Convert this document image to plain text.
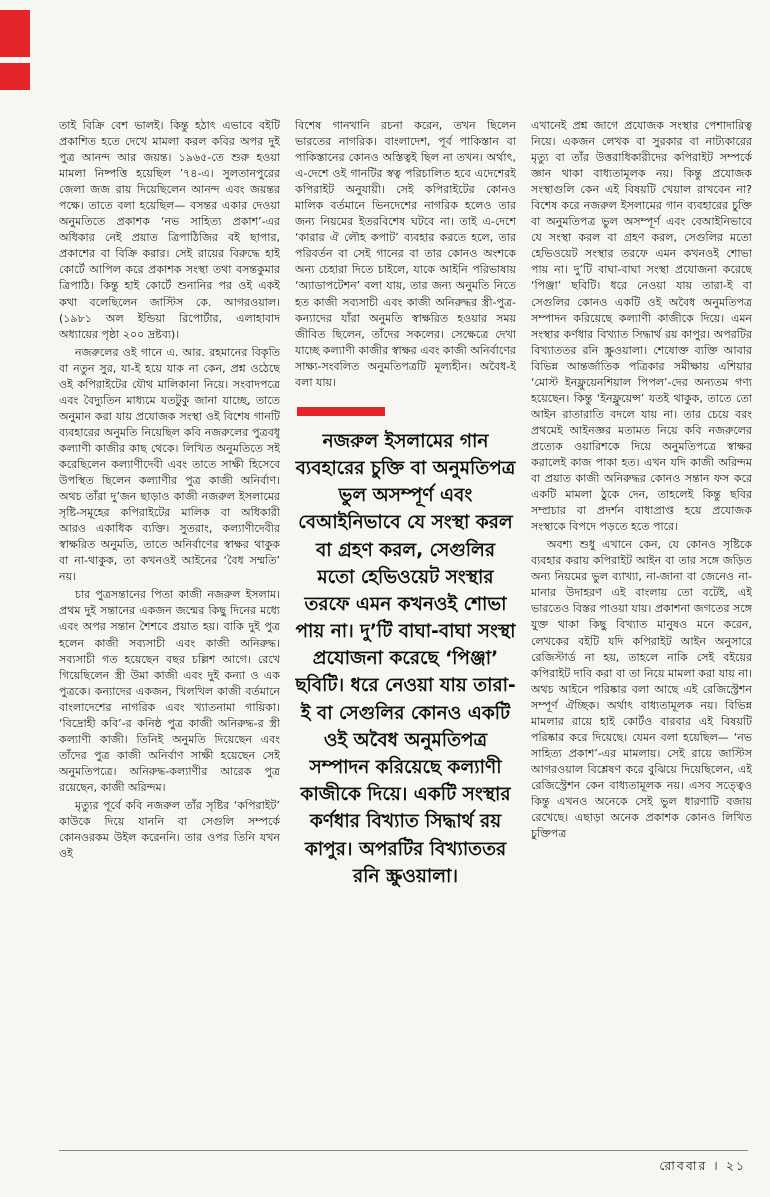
তাই বিক্রি বেশ ভালই। কিন্তু হঠাৎ এভাবে বইটি প্রকাশিত হতে দেখে মামলা করল কবির অপর দুই পুত্র আনন্দ আর জয়ন্ত। ১৯৬৫-তে শুরু হওয়া মামলা নিষ্পত্তি হয়েছিল ’৭৪-এ। সুলতানপুরের জেলা জজ রায় দিয়েছিলেন আনন্দ এবং জয়ন্তর পক্ষে। তাতে বলা হয়েছিল— বসন্তর একার দেওয়া অনুমতিতে প্রকাশক ‘নভ সাহিত্য প্রকাশ’-এর অধিকার নেই প্রয়াত ত্রিপাঠিজির বই ছাপার, প্রকাশের বা বিক্রি করার। সেই রায়ের বিরুদ্ধে হাই কোর্টে আপিল করে প্রকাশক সংস্থা তথা বসন্তকুমার ত্রিপাঠি। কিন্তু হাই কোর্টে শুনানির পর ওই একই কথা বলেছিলেন জাস্টিস কে. আগরওয়াল। (১৯৮১ অল ইন্ডিয়া রিপোর্টার, এলাহাবাদ অধ্যায়ের পৃষ্ঠা ২০০ দ্রষ্টব্য)।

নজরুলের ওই গানে এ. আর. রহমানের বিকৃতি বা নতুন সুর, যা-ই হয়ে যাক না কেন, প্রশ্ন ওঠেছে ওই কপিরাইটের যৌথ মালিকানা নিয়ে। সংবাদপত্রে এবং বৈদ্যুতিন মাধ্যমে যতটুকু জানা যাচ্ছে, তাতে অনুমান করা যায় প্রযোজক সংস্থা ওই বিশেষ গানটি ব্যবহারের অনুমতি নিয়েছিল কবি নজরুলের পুত্রবধূ কল্যাণী কাজীর কাছ থেকে। লিখিত অনুমতিতে সই করেছিলেন কল্যাণীদেবী এবং তাতে সাক্ষী হিসেবে উপস্থিত ছিলেন কল্যাণীর পুত্র কাজী অনির্বাণ। অথচ তাঁরা দু’জন ছাড়াও কাজী নজরুল ইসলামের সৃষ্টি-সমূহের কপিরাইটের মালিক বা অধিকারী আরও একাধিক ব্যক্তি। সুতরাং, কল্যাণীদেবীর স্বাক্ষরিত অনুমতি, তাতে অনির্বাণের স্বাক্ষর থাকুক বা না-থাকুক, তা কখনওই আইনের ‘বৈধ সম্মতি’ নয়।

চার পুত্রসন্তানের পিতা কাজী নজরুল ইসলাম। প্রথম দুই সন্তানের একজন জন্মের কিছু দিনের মধ্যে এবং অপর সন্তান শৈশবে প্রয়াত হয়। বাকি দুই পুত্র হলেন কাজী সব্যসাচী এবং কাজী অনিরুদ্ধ। সব্যসাচী গত হয়েছেন বছর চল্লিশ আগে। রেখে গিয়েছিলেন স্ত্রী উমা কাজী এবং দুই কন্যা ও এক পুত্রকে। কন্যাদের একজন, খিলখিল কাজী বর্তমানে বাংলাদেশের নাগরিক এবং খ্যাতনামা গায়িকা। ‘বিদ্রোহী কবি’-র কনিষ্ঠ পুত্র কাজী অনিরুদ্ধ-র স্ত্রী কল্যাণী কাজী। তিনিই অনুমতি দিয়েছেন এবং তাঁদের পুত্র কাজী অনির্বাণ সাক্ষী হয়েছেন সেই অনুমতিপত্রে। অনিরুদ্ধ-কল্যাণীর আরেক পুত্র রয়েছেন, কাজী অরিন্দম।

মৃত্যুর পূর্বে কবি নজরুল তাঁর সৃষ্টির ‘কপিরাইট’ কাউকে দিয়ে যাননি বা সেগুলি সম্পর্কে কোনওরকম উইল করেননি। তার ওপর তিনি যখন ওই

বিশেষ গানখানি রচনা করেন, তখন ছিলেন ভারতের নাগরিক। বাংলাদেশ, পূর্ব পাকিস্তান বা পাকিস্তানের কোনও অস্তিত্বই ছিল না তখন। অর্থাৎ, এ-দেশে ওই গানটির স্বত্ব পরিচালিত হবে এদেশেরই কপিরাইট অনুযায়ী। সেই কপিরাইটের কোনও মালিক বর্তমানে ভিনদেশের নাগরিক হলেও তার জন্য নিয়মের ইতরবিশেষ ঘটবে না। তাই এ-দেশে ‘কারার ঐ লৌহ কপাট’ ব্যবহার করতে হলে, তার পরিবর্তন বা সেই গানের বা তার কোনও অংশকে অন্য চেহারা দিতে চাইলে, যাকে আইনি পরিভাষায় ‘অ্যাডাপটেশন’ বলা যায়, তার জন্য অনুমতি নিতে হত কাজী সব্যসাচী এবং কাজী অনিরুদ্ধর স্ত্রী-পুত্র-কন্যাদের যাঁরা অনুমতি স্বাক্ষরিত হওয়ার সময় জীবিত ছিলেন, তাঁদের সকলের। সেক্ষেত্রে দেখা যাচ্ছে কল্যাণী কাজীর স্বাক্ষর এবং কাজী অনির্বাণের সাক্ষ্য-সংবলিত অনুমতিপত্রটি মূল্যহীন। অবৈধ-ই বলা যায়।

নজরুল ইসলামের গান ব্যবহারের চুক্তি বা অনুমতিপত্র ভুল অসম্পূর্ণ এবং বেআইনিভাবে যে সংস্থা করল বা গ্রহণ করল, সেগুলির মতো হেভিওয়েট সংস্থার তরফে এমন কখনওই শোভা পায় না। দু’টি বাঘা-বাঘা সংস্থা প্রযোজনা করেছে ‘পিঞ্জা’ ছবিটি। ধরে নেওয়া যায় তারা-ই বা সেগুলির কোনও একটি ওই অবৈধ অনুমতিপত্র সম্পাদন করিয়েছে কল্যাণী কাজীকে দিয়ে। একটি সংস্থার কর্ণধার বিখ্যাত সিদ্ধার্থ রয় কাপুর। অপরটির বিখ্যাততর রনি স্ক্রুওয়ালা।

এখানেই প্রশ্ন জাগে প্রযোজক সংস্থার পেশাদারিত্ব নিয়ে। একজন লেখক বা সুরকার বা নাট্যকারের মৃত্যু বা তাঁর উত্তরাধিকারীদের কপিরাইট সম্পর্কে জ্ঞান থাকা বাধ্যতামূলক নয়। কিন্তু প্রযোজক সংস্থাগুলি কেন এই বিষয়টি খেয়াল রাখবেন না? বিশেষ করে নজরুল ইসলামের গান ব্যবহারের চুক্তি বা অনুমতিপত্র ভুল অসম্পূর্ণ এবং বেআইনিভাবে যে সংস্থা করল বা গ্রহণ করল, সেগুলির মতো হেভিওয়েট সংস্থার তরফে এমন কখনওই শোভা পায় না। দু’টি বাঘা-বাঘা সংস্থা প্রযোজনা করেছে ‘পিঞ্জা’ ছবিটি। ধরে নেওয়া যায় তারা-ই বা সেগুলির কোনও একটি ওই অবৈধ অনুমতিপত্র সম্পাদন করিয়েছে কল্যাণী কাজীকে দিয়ে। এমন সংস্থার কর্ণধার বিখ্যাত সিদ্ধার্থ রয় কাপুর। অপরটির বিখ্যাততর রনি স্ক্রুওয়ালা। শেষোক্ত ব্যক্তি আবার বিভিন্ন আন্তর্জাতিক পত্রিকার সমীক্ষায় এশিয়ার ‘মোস্ট ইনফ্লুয়েনশিয়াল পিপল’-দের অন্যতম গণ্য হয়েছেন। কিন্তু ‘ইনফ্লুয়েন্স’ যতই থাকুক, তাতে তো আইন রাতারাতি বদলে যায় না। তার চেয়ে বরং প্রথমেই আইনজ্ঞর মতামত নিয়ে কবি নজরুলের প্রত্যেক ওয়ারিশকে দিয়ে অনুমতিপত্রে স্বাক্ষর করালেই কাজ পাকা হত। এখন যদি কাজী অরিন্দম বা প্রয়াত কাজী অনিরুদ্ধর কোনও সন্তান ফস করে একটি মামলা ঠুকে দেন, তাহলেই কিন্তু ছবির সম্প্রচার বা প্রদর্শন বাধাপ্রাপ্ত হয়ে প্রযোজক সংস্থাকে বিপদে পড়তে হতে পারে।

অবশ্য শুধু এখানে কেন, যে কোনও সৃষ্টিকে ব্যবহার করায় কপিরাইট আইন বা তার সঙ্গে জড়িত অন্য নিয়মের ভুল ব্যাখ্যা, না-জানা বা জেনেও না-মানার উদাহরণ এই বাংলায় তো বটেই, এই ভারতেও বিস্তর পাওয়া যায়। প্রকাশনা জগতের সঙ্গে যুক্ত থাকা কিছু বিখ্যাত মানুষও মনে করেন, লেখকের বইটি যদি কপিরাইট আইন অনুসারে রেজিস্টার্ড না হয়, তাহলে নাকি সেই বইয়ের কপিরাইট দাবি করা বা তা নিয়ে মামলা করা যায় না। অথচ আইনে পরিষ্কার বলা আছে এই রেজিস্ট্রেশন সম্পূর্ণ ঐচ্ছিক। অর্থাৎ বাধ্যতামূলক নয়। বিভিন্ন মামলার রায়ে হাই কোর্টও বারবার এই বিষয়টি পরিষ্কার করে দিয়েছে। যেমন বলা হয়েছিল— ‘নভ সাহিত্য প্রকাশ’-এর মামলায়। সেই রায়ে জাস্টিস আগরওয়াল বিশ্লেষণ করে বুঝিয়ে দিয়েছিলেন, এই রেজিস্ট্রেশন কেন বাধ্যতামূলক নয়। এসব সত্ত্বেও কিন্তু এখনও অনেকে সেই ভুল ধারণাটি বজায় রেখেছে। এছাড়া অনেক প্রকাশক কোনও লিখিত চুক্তিপত্র

রোববার । ২১
